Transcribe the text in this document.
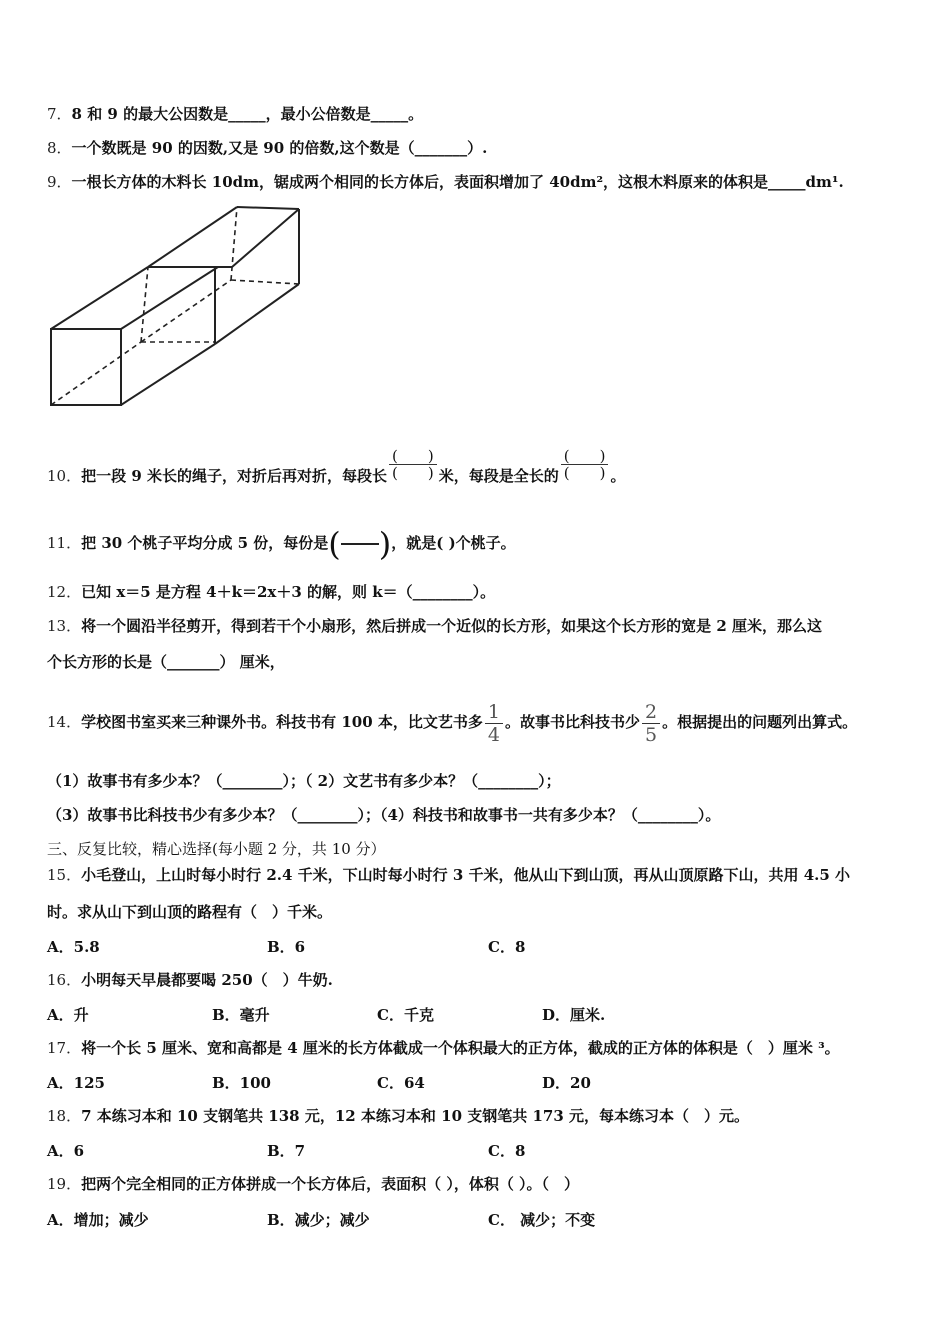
7．8 和 9 的最大公因数是_____，最小公倍数是_____。
8．一个数既是 90 的因数,又是 90 的倍数,这个数是（_______）.
9．一根长方体的木料长 10dm，锯成两个相同的长方体后，表面积增加了 40dm²，这根木料原来的体积是_____dm¹.
10．把一段 9 米长的绳子，对折后再对折，每段长 $\frac{( )}{( )}$ 米，每段是全长的 $\frac{( )}{( )}$ 。
11．把 30 个桃子平均分成 5 份，每份是( )，就是( )个桃子。
12．已知 x＝5 是方程 4＋k＝2x＋3 的解，则 k＝（________）。
13．将一个圆沿半径剪开，得到若干个小扇形，然后拼成一个近似的长方形，如果这个长方形的宽是 2 厘米，那么这
个长方形的长是（_______） 厘米，
14．学校图书室买来三种课外书。科技书有 100 本，比文艺书多 $\frac{1}{4}$ 。故事书比科技书少 $\frac{2}{5}$ 。根据提出的问题列出算式。
（1）故事书有多少本？（________）；（ 2）文艺书有多少本？（________）；
（3）故事书比科技书少有多少本？（________）；（4）科技书和故事书一共有多少本？（________）。
三、反复比较，精心选择(每小题 2 分，共 10 分）
15．小毛登山，上山时每小时行 2.4 千米，下山时每小时行 3 千米，他从山下到山顶，再从山顶原路下山，共用 4.5 小
时。求从山下到山顶的路程有（　）千米。
A．5.8	B．6	C．8
16．小明每天早晨都要喝 250（　）牛奶.
A．升	B．毫升	C．千克	D．厘米.
17．将一个长 5 厘米、宽和高都是 4 厘米的长方体截成一个体积最大的正方体，截成的正方体的体积是（　）厘米 ³。
A．125	B．100	C．64	D．20
18．7 本练习本和 10 支钢笔共 138 元，12 本练习本和 10 支钢笔共 173 元，每本练习本（　）元。
A．6	B．7	C．8
19．把两个完全相同的正方体拼成一个长方体后，表面积（ ），体积（ ）。（　）
A．增加；减少	B．减少；减少	C． 减少；不变
